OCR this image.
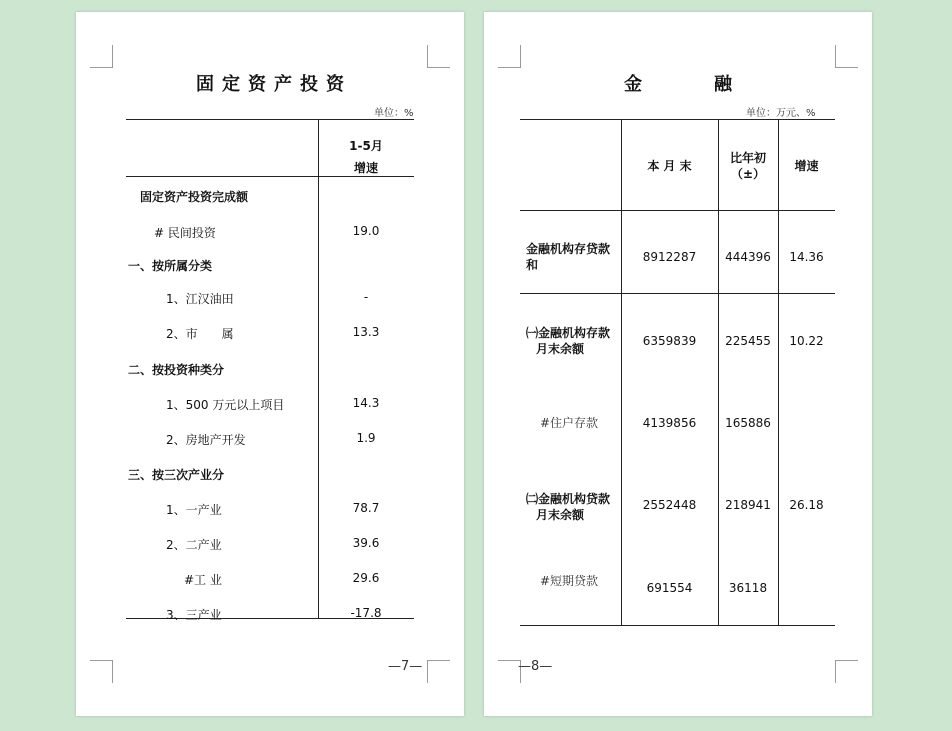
固定资产投资
单位：%
1-5月
增速
固定资产投资完成额
# 民间投资	19.0
一、按所属分类
1、江汉油田	-
2、市　　属	13.3
二、按投资种类分
1、500 万元以上项目	14.3
2、房地产开发	1.9
三、按三次产业分
1、一产业	78.7
2、二产业	39.6
#工 业	29.6
3、三产业	-17.8
—7—
金	融
单位：万元、%
本 月 末
比年初
（±）
增速
金融机构存贷款
和
8912287	444396	14.36
㈠金融机构存款
月末余额
6359839	225455	10.22
#住户存款	4139856	165886
㈡金融机构贷款
月末余额
2552448	218941	26.18
#短期贷款	691554	36118
—8—
